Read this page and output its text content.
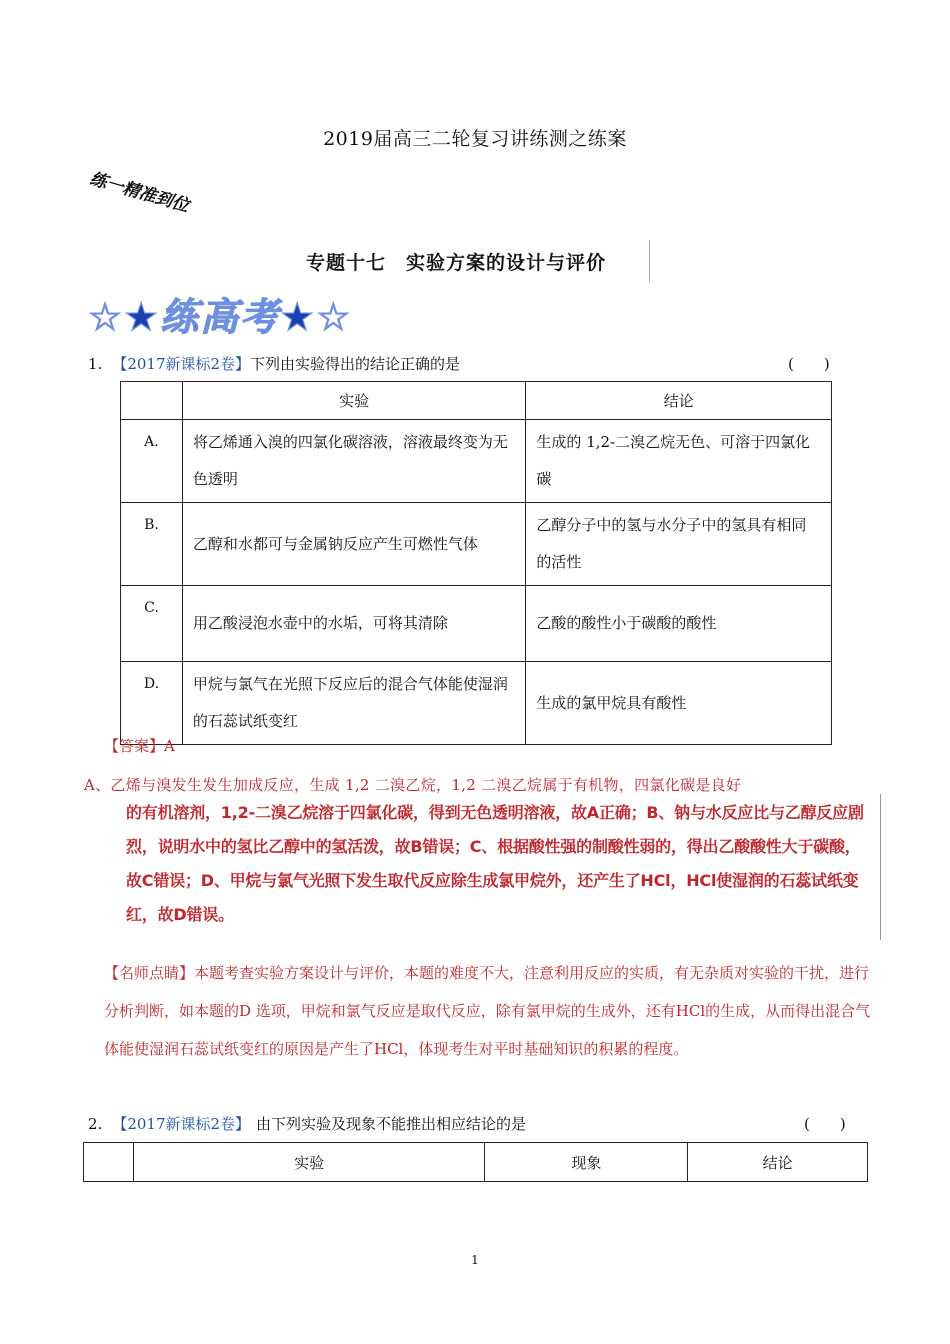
2019届高三二轮复习讲练测之练案
练一精准到位
专题十七　实验方案的设计与评价
☆★练高考★☆
1. 【2017新课标2卷】下列由实验得出的结论正确的是	(　　)
	实验	结论
A.	将乙烯通入溴的四氯化碳溶液，溶液最终变为无色透明	生成的 1,2-二溴乙烷无色、可溶于四氯化碳
B.	乙醇和水都可与金属钠反应产生可燃性气体	乙醇分子中的氢与水分子中的氢具有相同的活性
C.	用乙酸浸泡水壶中的水垢，可将其清除	乙酸的酸性小于碳酸的酸性
D.	甲烷与氯气在光照下反应后的混合气体能使湿润的石蕊试纸变红	生成的氯甲烷具有酸性
【答案】A
A、乙烯与溴发生发生加成反应，生成 1,2 二溴乙烷，1,2 二溴乙烷属于有机物，四氯化碳是良好
的有机溶剂，1,2-二溴乙烷溶于四氯化碳，得到无色透明溶液，故A正确；B、钠与水反应比与乙醇反应剧烈，说明水中的氢比乙醇中的氢活泼，故B错误；C、根据酸性强的制酸性弱的，得出乙酸酸性大于碳酸，故C错误；D、甲烷与氯气光照下发生取代反应除生成氯甲烷外，还产生了HCl，HCl使湿润的石蕊试纸变红，故D错误。
【名师点睛】本题考查实验方案设计与评价，本题的难度不大，注意利用反应的实质，有无杂质对实验的干扰，进行分析判断，如本题的D 选项，甲烷和氯气反应是取代反应，除有氯甲烷的生成外，还有HCl的生成，从而得出混合气体能使湿润石蕊试纸变红的原因是产生了HCl，体现考生对平时基础知识的积累的程度。
2. 【2017新课标2卷】 由下列实验及现象不能推出相应结论的是	(　　)
	实验	现象	结论
1
